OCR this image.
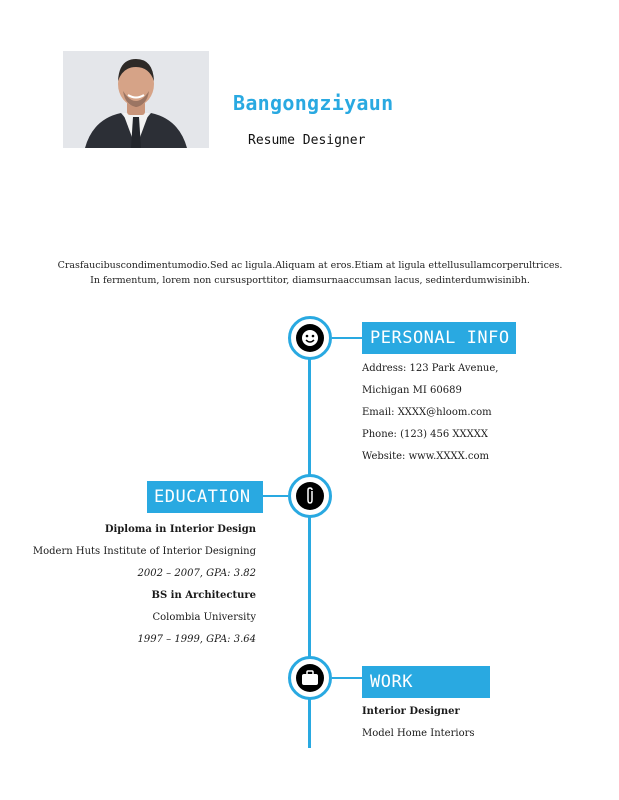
Bangongziyaun
Resume Designer
Crasfaucibuscondimentumodio.Sed ac ligula.Aliquam at eros.Etiam at ligula ettellusullamcorperultrices.
In fermentum, lorem non cursusporttitor, diamsurnaaccumsan lacus, sedinterdumwisinibh.
PERSONAL INFO
Address: 123 Park Avenue,
Michigan MI 60689
Email: XXXX@hloom.com
Phone: (123) 456 XXXXX
Website: www.XXXX.com
EDUCATION
Diploma in Interior Design
Modern Huts Institute of Interior Designing
2002 – 2007, GPA: 3.82
BS in Architecture
Colombia University
1997 – 1999, GPA: 3.64
WORK
Interior Designer
Model Home Interiors
